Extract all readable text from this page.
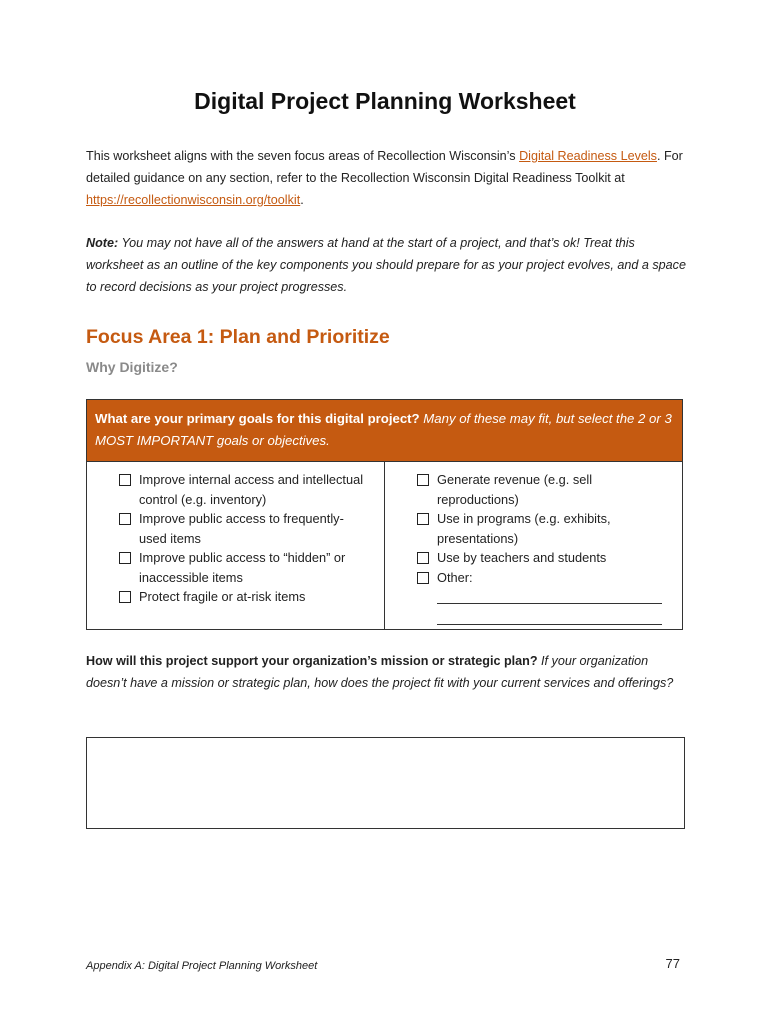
Digital Project Planning Worksheet
This worksheet aligns with the seven focus areas of Recollection Wisconsin’s Digital Readiness Levels. For detailed guidance on any section, refer to the Recollection Wisconsin Digital Readiness Toolkit at https://recollectionwisconsin.org/toolkit.
Note: You may not have all of the answers at hand at the start of a project, and that’s ok! Treat this worksheet as an outline of the key components you should prepare for as your project evolves, and a space to record decisions as your project progresses.
Focus Area 1: Plan and Prioritize
Why Digitize?
What are your primary goals for this digital project? Many of these may fit, but select the 2 or 3 MOST IMPORTANT goals or objectives.
Improve internal access and intellectual control (e.g. inventory)
Improve public access to frequently-used items
Improve public access to “hidden” or inaccessible items
Protect fragile or at-risk items
Generate revenue (e.g. sell reproductions)
Use in programs (e.g. exhibits, presentations)
Use by teachers and students
Other:
How will this project support your organization’s mission or strategic plan? If your organization doesn’t have a mission or strategic plan, how does the project fit with your current services and offerings?
Appendix A: Digital Project Planning Worksheet	77
